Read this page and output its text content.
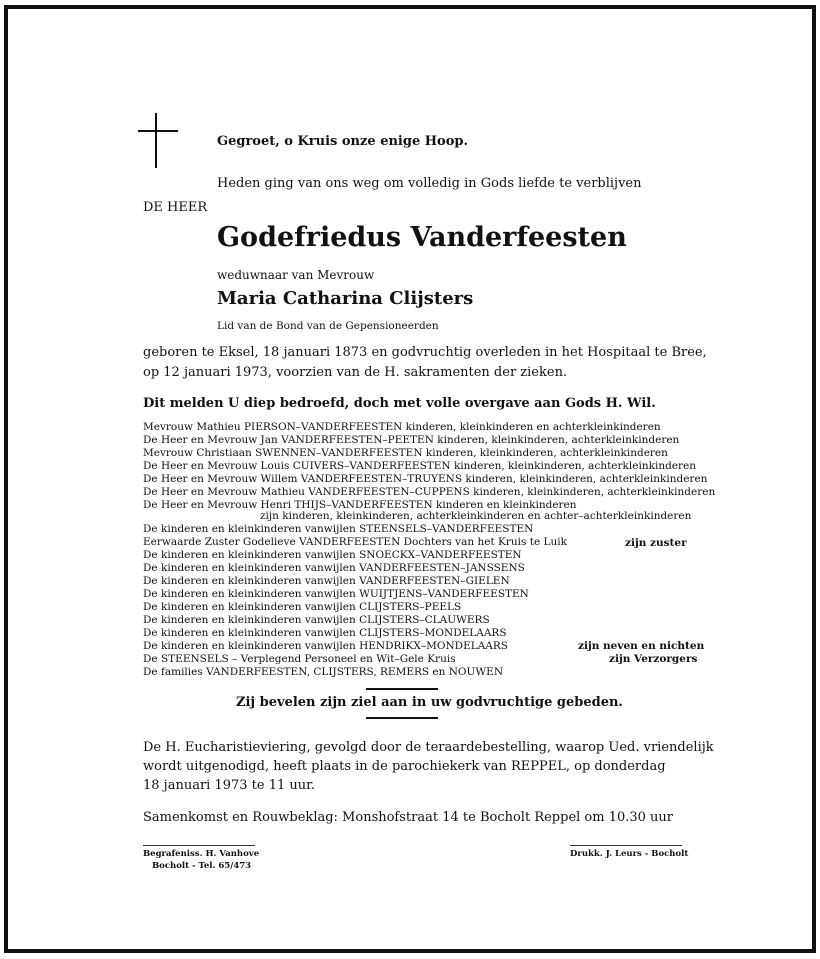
Gegroet, o Kruis onze enige Hoop.
Heden ging van ons weg om volledig in Gods liefde te verblijven
DE HEER
Godefriedus Vanderfeesten
weduwnaar van Mevrouw
Maria Catharina Clijsters
Lid van de Bond van de Gepensioneerden
geboren te Eksel, 18 januari 1873 en godvruchtig overleden in het Hospitaal te Bree,
op 12 januari 1973, voorzien van de H. sakramenten der zieken.
Dit melden U diep bedroefd, doch met volle overgave aan Gods H. Wil.
Mevrouw Mathieu PIERSON–VANDERFEESTEN kinderen, kleinkinderen en achterkleinkinderen
De Heer en Mevrouw Jan VANDERFEESTEN–PEETEN kinderen, kleinkinderen, achterkleinkinderen
Mevrouw Christiaan SWENNEN–VANDERFEESTEN kinderen, kleinkinderen, achterkleinkinderen
De Heer en Mevrouw Louis CUIVERS–VANDERFEESTEN kinderen, kleinkinderen, achterkleinkinderen
De Heer en Mevrouw Willem VANDERFEESTEN–TRUYENS kinderen, kleinkinderen, achterkleinkinderen
De Heer en Mevrouw Mathieu VANDERFEESTEN–CUPPENS kinderen, kleinkinderen, achterkleinkinderen
De Heer en Mevrouw Henri THIJS–VANDERFEESTEN kinderen en kleinkinderen
zijn kinderen, kleinkinderen, achterkleinkinderen en achter–achterkleinkinderen
De kinderen en kleinkinderen vanwijlen STEENSELS–VANDERFEESTEN
Eerwaarde Zuster Godelieve VANDERFEESTEN Dochters van het Kruis te Luik
De kinderen en kleinkinderen vanwijlen SNOECKX–VANDERFEESTEN
De kinderen en kleinkinderen vanwijlen VANDERFEESTEN–JANSSENS
De kinderen en kleinkinderen vanwijlen VANDERFEESTEN–GIELEN
De kinderen en kleinkinderen vanwijlen WUIJTJENS–VANDERFEESTEN
De kinderen en kleinkinderen vanwijlen CLIJSTERS–PEELS
De kinderen en kleinkinderen vanwijlen CLIJSTERS–CLAUWERS
De kinderen en kleinkinderen vanwijlen CLIJSTERS–MONDELAARS
De kinderen en kleinkinderen vanwijlen HENDRIKX–MONDELAARS
De STEENSELS – Verplegend Personeel en Wit–Gele Kruis
De families VANDERFEESTEN, CLIJSTERS, REMERS en NOUWEN
zijn zuster
zijn neven en nichten
zijn Verzorgers
Zij bevelen zijn ziel aan in uw godvruchtige gebeden.
De H. Eucharistieviering, gevolgd door de teraardebestelling, waarop Ued. vriendelijk
wordt uitgenodigd, heeft plaats in de parochiekerk van REPPEL, op donderdag
18 januari 1973 te 11 uur.
Samenkomst en Rouwbeklag: Monshofstraat 14 te Bocholt Reppel om 10.30 uur
Begrafeniss. H. Vanhove
Bocholt - Tel. 65/473
Drukk. J. Leurs - Bocholt
